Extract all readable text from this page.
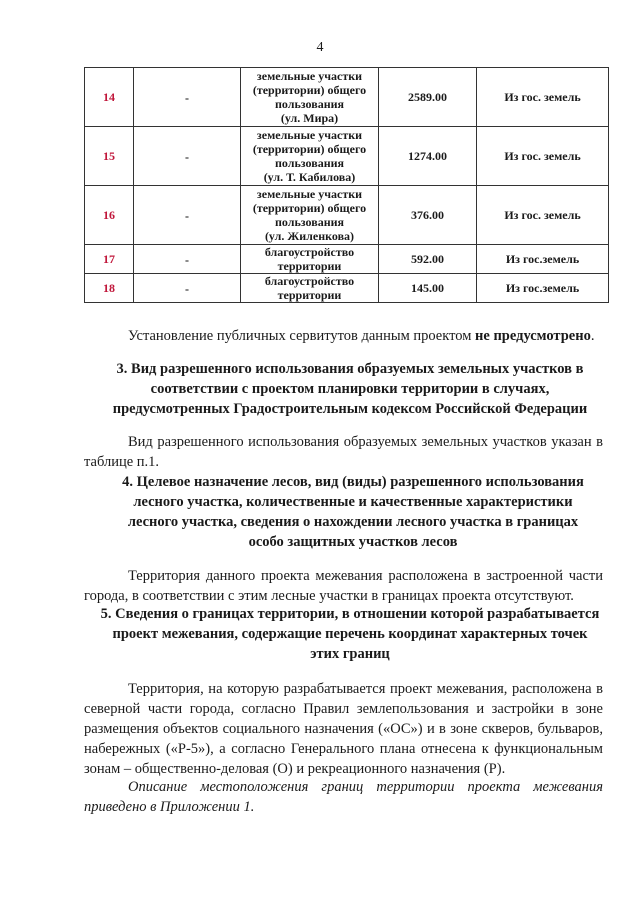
4
14	-	земельные участки
(территории) общего
пользования
(ул. Мира)	2589.00	Из гос. земель
15	-	земельные участки
(территории) общего
пользования
(ул. Т. Кабилова)	1274.00	Из гос. земель
16	-	земельные участки
(территории) общего
пользования
(ул. Жиленкова)	376.00	Из гос. земель
17	-	благоустройство
территории	592.00	Из гос.земель
18	-	благоустройство
территории	145.00	Из гос.земель

Установление публичных сервитутов данным проектом не предусмотрено.

3. Вид разрешенного использования образуемых земельных участков в соответствии с проектом планировки территории в случаях, предусмотренных Градостроительным кодексом Российской Федерации

Вид разрешенного использования образуемых земельных участков указан в таблице п.1.

4. Целевое назначение лесов, вид (виды) разрешенного использования лесного участка, количественные и качественные характеристики лесного участка, сведения о нахождении лесного участка в границах особо защитных участков лесов

Территория данного проекта межевания расположена в застроенной части города, в соответствии с этим лесные участки в границах проекта отсутствуют.

5. Сведения о границах территории, в отношении которой разрабатывается проект межевания, содержащие перечень координат характерных точек этих границ

Территория, на которую разрабатывается проект межевания, расположена в северной части города, согласно Правил землепользования и застройки в зоне размещения объектов социального назначения («ОС») и в зоне скверов, бульваров, набережных («Р-5»), а согласно Генерального плана отнесена к функциональным зонам – общественно-деловая (О) и рекреационного назначения (Р).

Описание местоположения границ территории проекта межевания приведено в Приложении 1.
